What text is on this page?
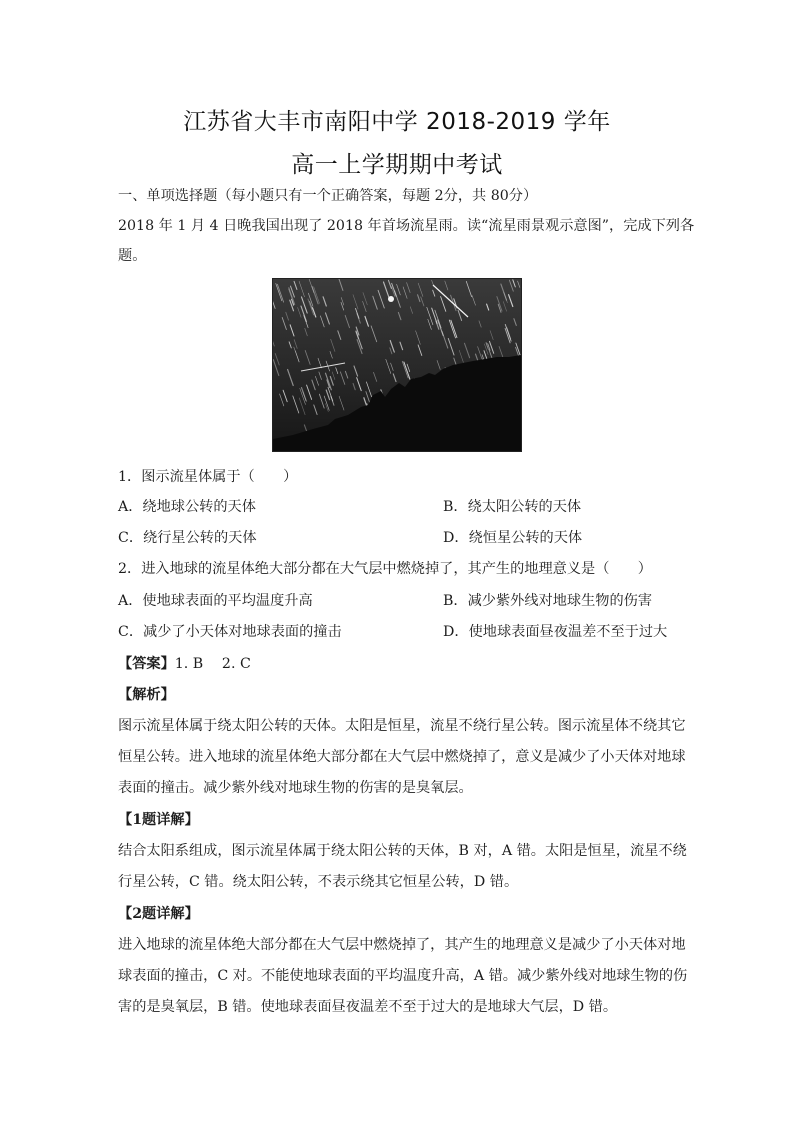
江苏省大丰市南阳中学 2018-2019 学年
高一上学期期中考试
一、单项选择题（每小题只有一个正确答案，每题 2分，共 80分）
2018 年 1 月 4 日晚我国出现了 2018 年首场流星雨。读“流星雨景观示意图”，完成下列各
题。
1．图示流星体属于（　　）
A．绕地球公转的天体	B．绕太阳公转的天体
C．绕行星公转的天体	D．绕恒星公转的天体
2．进入地球的流星体绝大部分都在大气层中燃烧掉了，其产生的地理意义是（　　）
A．使地球表面的平均温度升高	B．减少紫外线对地球生物的伤害
C．减少了小天体对地球表面的撞击	D．使地球表面昼夜温差不至于过大
【答案】1. B　 2. C
【解析】
图示流星体属于绕太阳公转的天体。太阳是恒星，流星不绕行星公转。图示流星体不绕其它
恒星公转。进入地球的流星体绝大部分都在大气层中燃烧掉了，意义是减少了小天体对地球
表面的撞击。减少紫外线对地球生物的伤害的是臭氧层。
【1题详解】
结合太阳系组成，图示流星体属于绕太阳公转的天体，B 对，A 错。太阳是恒星，流星不绕
行星公转，C 错。绕太阳公转，不表示绕其它恒星公转，D 错。
【2题详解】
进入地球的流星体绝大部分都在大气层中燃烧掉了，其产生的地理意义是减少了小天体对地
球表面的撞击，C 对。不能使地球表面的平均温度升高，A 错。减少紫外线对地球生物的伤
害的是臭氧层，B 错。使地球表面昼夜温差不至于过大的是地球大气层，D 错。
